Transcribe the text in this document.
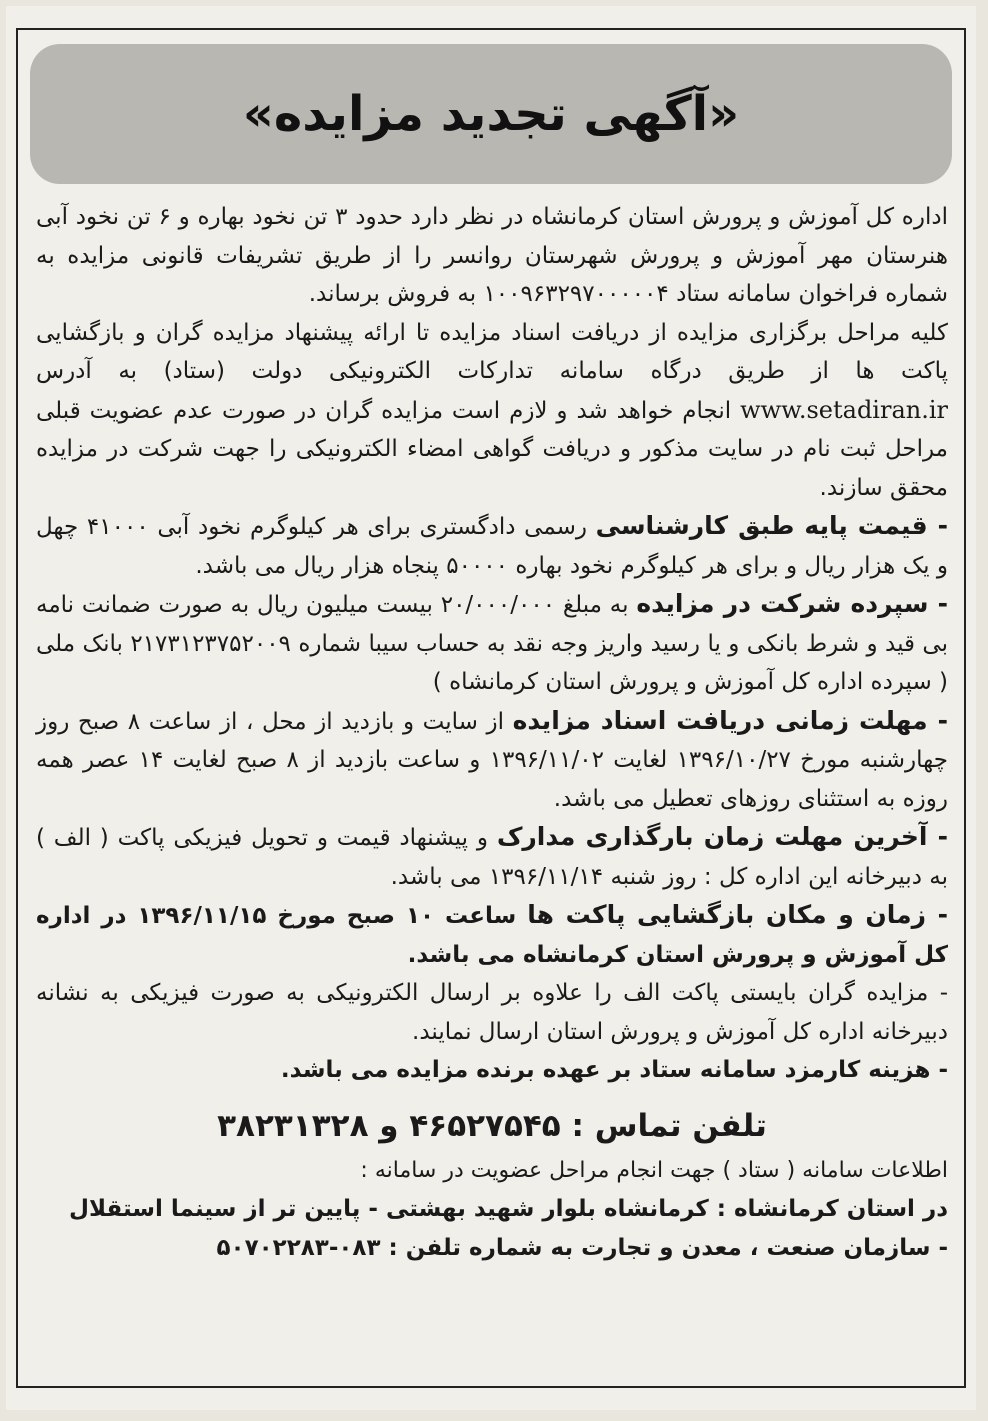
«آگهی تجدید مزایده»

اداره کل آموزش و پرورش استان کرمانشاه در نظر دارد حدود ۳ تن نخود بهاره و ۶ تن نخود آبی هنرستان مهر آموزش و پرورش شهرستان روانسر را از طریق تشریفات قانونی مزایده به شماره فراخوان سامانه ستاد ۱۰۰۹۶۳۲۹۷۰۰۰۰۰۴ به فروش برساند.

کلیه مراحل برگزاری مزایده از دریافت اسناد مزایده تا ارائه پیشنهاد مزایده گران و بازگشایی پاکت ها از طریق درگاه سامانه تدارکات الکترونیکی دولت (ستاد) به آدرس www.setadiran.ir انجام خواهد شد و لازم است مزایده گران در صورت عدم عضویت قبلی مراحل ثبت نام در سایت مذکور و دریافت گواهی امضاء الکترونیکی را جهت شرکت در مزایده محقق سازند.

- قیمت پایه طبق کارشناسی رسمی دادگستری برای هر کیلوگرم نخود آبی ۴۱۰۰۰ چهل و یک هزار ریال و برای هر کیلوگرم نخود بهاره ۵۰۰۰۰ پنجاه هزار ریال می باشد.

- سپرده شرکت در مزایده به مبلغ ۲۰/۰۰۰/۰۰۰ بیست میلیون ریال به صورت ضمانت نامه بی قید و شرط بانکی و یا رسید واریز وجه نقد به حساب سیبا شماره ۲۱۷۳۱۲۳۷۵۲۰۰۹ بانک ملی ( سپرده اداره کل آموزش و پرورش استان کرمانشاه )

- مهلت زمانی دریافت اسناد مزایده از سایت و بازدید از محل ، از ساعت ۸ صبح روز چهارشنبه مورخ ۱۳۹۶/۱۰/۲۷ لغایت ۱۳۹۶/۱۱/۰۲ و ساعت بازدید از ۸ صبح لغایت ۱۴ عصر همه روزه به استثنای روزهای تعطیل می باشد.

- آخرین مهلت زمان بارگذاری مدارک و پیشنهاد قیمت و تحویل فیزیکی پاکت ( الف ) به دبیرخانه این اداره کل : روز شنبه ۱۳۹۶/۱۱/۱۴ می باشد.

- زمان و مکان بازگشایی پاکت ها ساعت ۱۰ صبح مورخ ۱۳۹۶/۱۱/۱۵ در اداره کل آموزش و پرورش استان کرمانشاه می باشد.

- مزایده گران بایستی پاکت الف را علاوه بر ارسال الکترونیکی به صورت فیزیکی به نشانه دبیرخانه اداره کل آموزش و پرورش استان ارسال نمایند.

- هزینه کارمزد سامانه ستاد بر عهده برنده مزایده می باشد.

تلفن تماس : ۴۶۵۲۷۵۴۵ و ۳۸۲۳۱۳۲۸

اطلاعات سامانه ( ستاد ) جهت انجام مراحل عضویت در سامانه :

در استان کرمانشاه : کرمانشاه بلوار شهید بهشتی - پایین تر از سینما استقلال

- سازمان صنعت ، معدن و تجارت به شماره تلفن : ۰۸۳-۵۰۷۰۲۲۸۳
